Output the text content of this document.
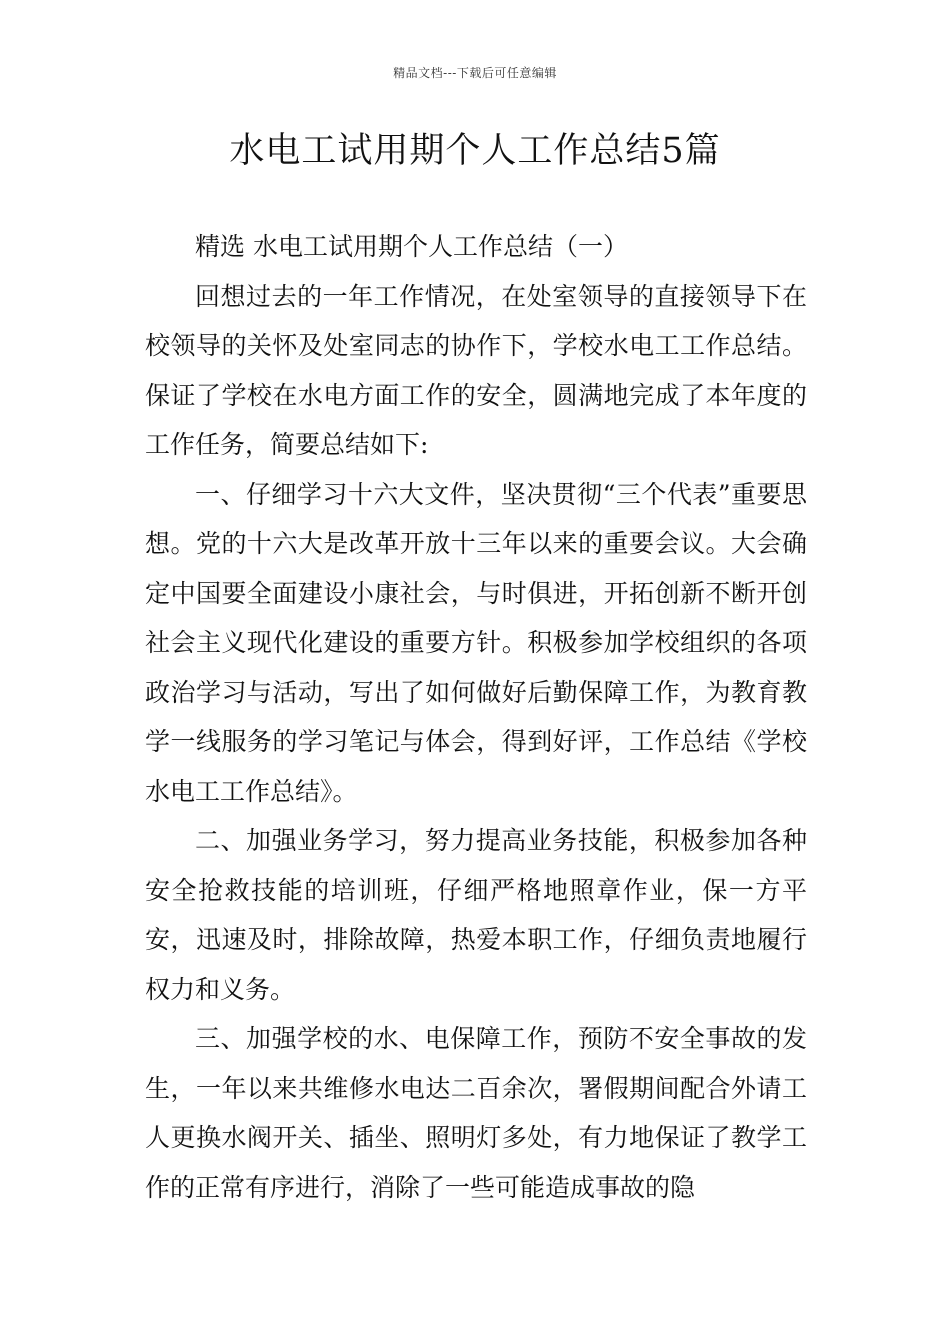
精品文档---下载后可任意编辑
水电工试用期个人工作总结5篇

精选 水电工试用期个人工作总结（一）

回想过去的一年工作情况，在处室领导的直接领导下在校领导的关怀及处室同志的协作下，学校水电工工作总结。保证了学校在水电方面工作的安全，圆满地完成了本年度的工作任务，简要总结如下:

一、仔细学习十六大文件，坚决贯彻“三个代表”重要思想。党的十六大是改革开放十三年以来的重要会议。大会确定中国要全面建设小康社会，与时俱进，开拓创新不断开创社会主义现代化建设的重要方针。积极参加学校组织的各项政治学习与活动，写出了如何做好后勤保障工作，为教育教学一线服务的学习笔记与体会，得到好评，工作总结《学校水电工工作总结》。

二、加强业务学习，努力提高业务技能，积极参加各种安全抢救技能的培训班，仔细严格地照章作业，保一方平安，迅速及时，排除故障，热爱本职工作，仔细负责地履行权力和义务。

三、加强学校的水、电保障工作，预防不安全事故的发生，一年以来共维修水电达二百余次，署假期间配合外请工人更换水阀开关、插坐、照明灯多处，有力地保证了教学工作的正常有序进行，消除了一些可能造成事故的隐
